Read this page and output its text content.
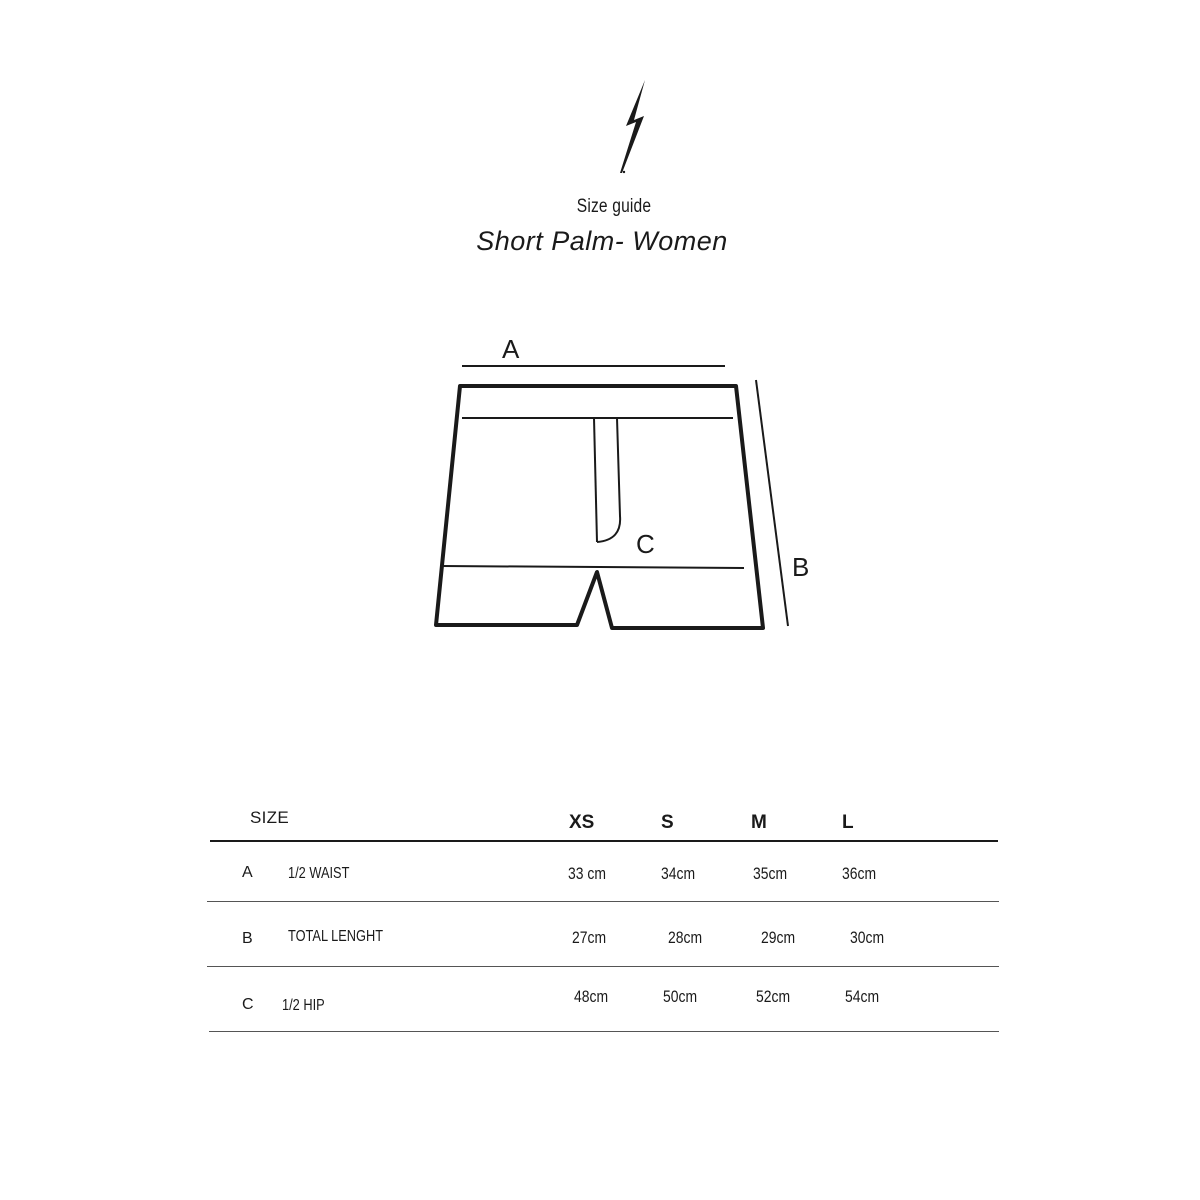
Size guide
Short Palm- Women
A
B
C
SIZE	XS	S	M	L
A 1/2 WAIST	33 cm	34cm	35cm	36cm
B TOTAL LENGHT	27cm	28cm	29cm	30cm
C 1/2 HIP	48cm	50cm	52cm	54cm
